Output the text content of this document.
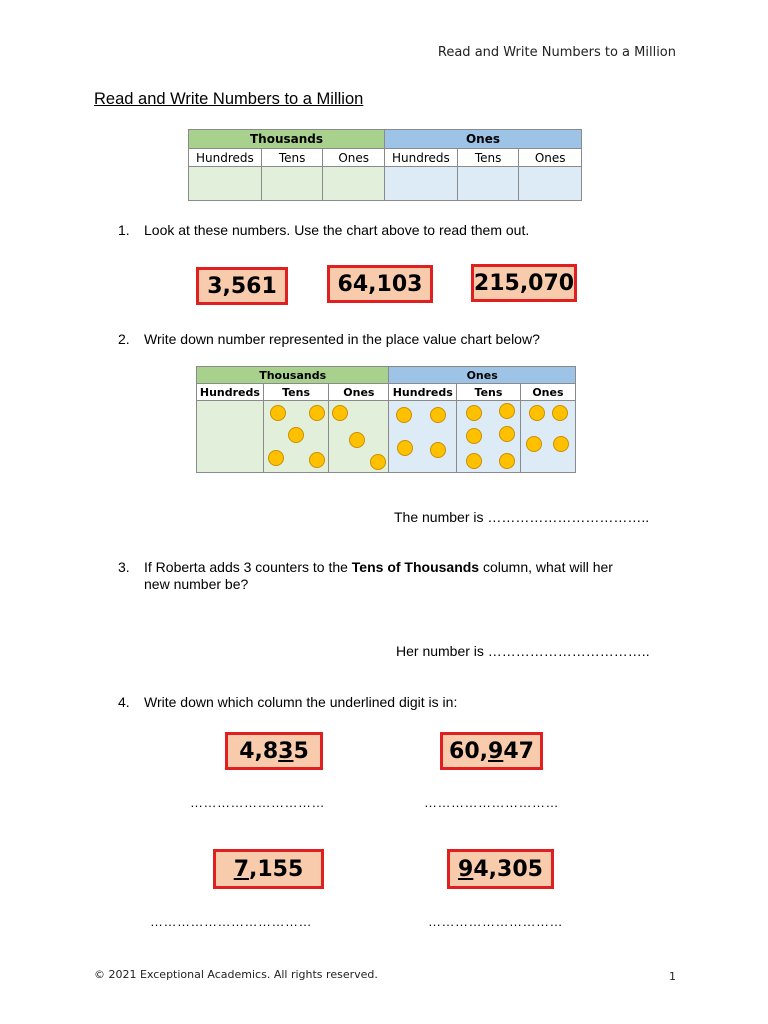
Read and Write Numbers to a Million
Read and Write Numbers to a Million
Thousands			Ones		
Hundreds	Tens	Ones	Hundreds	Tens	Ones

1. Look at these numbers. Use the chart above to read them out.
3,561	64,103	215,070
2. Write down number represented in the place value chart below?
Thousands			Ones		
Hundreds	Tens	Ones	Hundreds	Tens	Ones

The number is ……………………………..
3. If Roberta adds 3 counters to the Tens of Thousands column, what will her
new number be?
Her number is ……………………………..
4. Write down which column the underlined digit is in:
4,8 3 5	60, 9 47
…………………………	…………………………
7 ,155	9 4,305
………………………………	…………………………
© 2021 Exceptional Academics. All rights reserved.	1
